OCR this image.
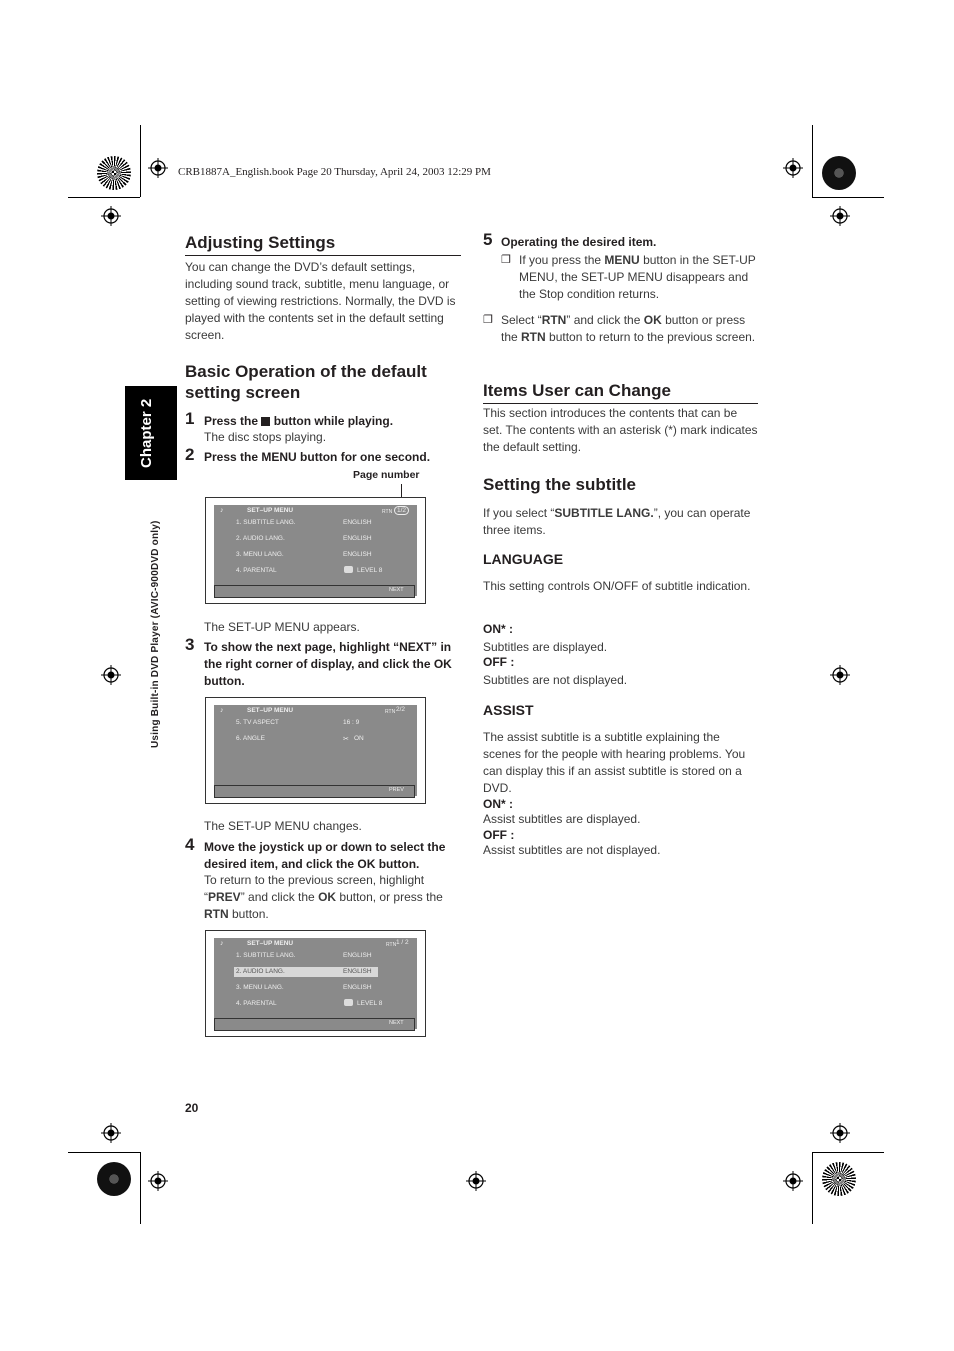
CRB1887A_English.book Page 20 Thursday, April 24, 2003 12:29 PM
Chapter 2
Using Built-in DVD Player (AVIC-900DVD only)
Adjusting Settings
You can change the DVD’s default settings, including sound track, subtitle, menu language, or setting of viewing restrictions. Normally, the DVD is played with the contents set in the default setting screen.
Basic Operation of the default setting screen
1 Press the  button while playing.
The disc stops playing.
2 Press the MENU button for one second.
Page number
♪	SET–UP MENU	RTN 1/2
1. SUBTITLE LANG.	ENGLISH
2. AUDIO LANG.	ENGLISH
3. MENU LANG.	ENGLISH
4. PARENTAL	LEVEL 8
NEXT
The SET-UP MENU appears.
3 To show the next page, highlight “NEXT” in the right corner of display, and click the OK button.
♪	SET–UP MENU	RTN 2/2
5. TV ASPECT	16 : 9
6. ANGLE	✂ ON
PREV
The SET-UP MENU changes.
4 Move the joystick up or down to select the desired item, and click the OK button.
To return to the previous screen, highlight “PREV” and click the OK button, or press the RTN button.
♪	SET–UP MENU	RTN 1 / 2
1. SUBTITLE LANG.	ENGLISH
2. AUDIO LANG.	ENGLISH
3. MENU LANG.	ENGLISH
4. PARENTAL	LEVEL 8
NEXT
5 Operating the desired item.
❐ If you press the MENU button in the SET-UP MENU, the SET-UP MENU disappears and the Stop condition returns.
❐ Select “RTN” and click the OK button or press the RTN button to return to the previous screen.
Items User can Change
This section introduces the contents that can be set. The contents with an asterisk (*) mark indicates the default setting.
Setting the subtitle
If you select “SUBTITLE LANG.”, you can operate three items.
LANGUAGE
This setting controls ON/OFF of subtitle indication.
ON* :
Subtitles are displayed.
OFF :
Subtitles are not displayed.
ASSIST
The assist subtitle is a subtitle explaining the scenes for the people with hearing problems. You can display this if an assist subtitle is stored on a DVD.
ON* :
Assist subtitles are displayed.
OFF :
Assist subtitles are not displayed.
20
